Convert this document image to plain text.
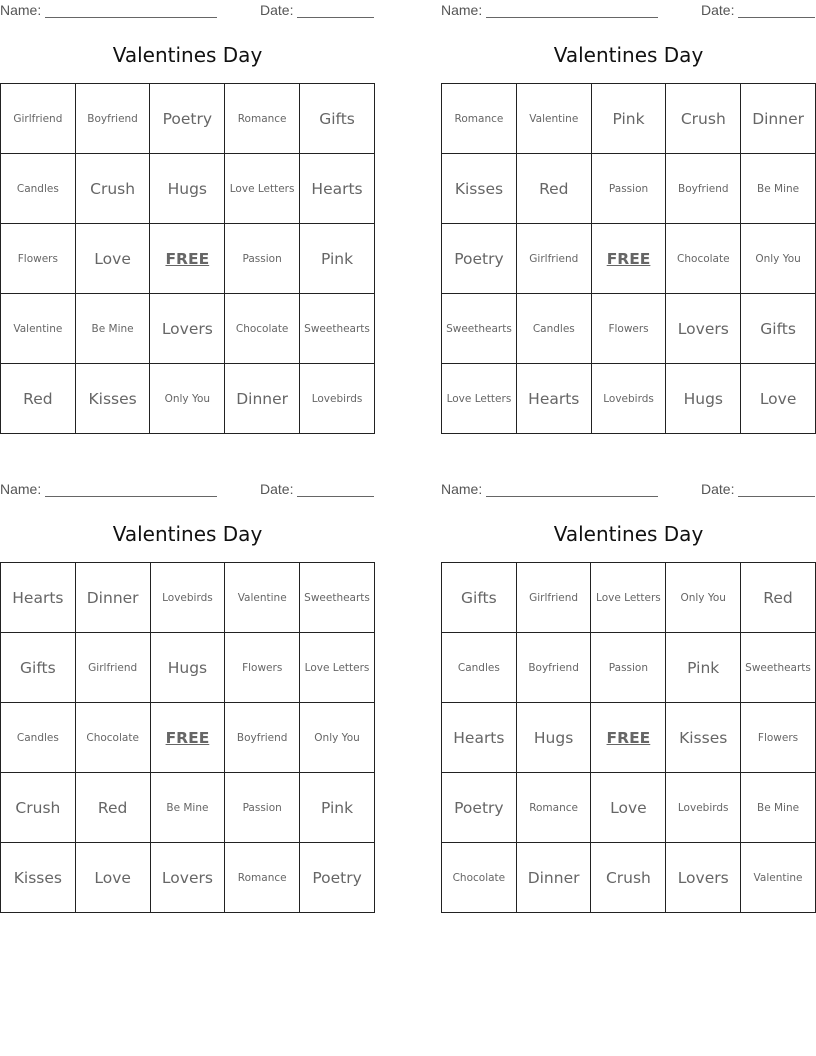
Name:	Date:
Valentines Day
Girlfriend	Boyfriend	Poetry	Romance	Gifts
Candles	Crush	Hugs	Love Letters	Hearts
Flowers	Love	FREE	Passion	Pink
Valentine	Be Mine	Lovers	Chocolate	Sweethearts
Red	Kisses	Only You	Dinner	Lovebirds
Name:	Date:
Valentines Day
Romance	Valentine	Pink	Crush	Dinner
Kisses	Red	Passion	Boyfriend	Be Mine
Poetry	Girlfriend	FREE	Chocolate	Only You
Sweethearts	Candles	Flowers	Lovers	Gifts
Love Letters	Hearts	Lovebirds	Hugs	Love
Name:	Date:
Valentines Day
Hearts	Dinner	Lovebirds	Valentine	Sweethearts
Gifts	Girlfriend	Hugs	Flowers	Love Letters
Candles	Chocolate	FREE	Boyfriend	Only You
Crush	Red	Be Mine	Passion	Pink
Kisses	Love	Lovers	Romance	Poetry
Name:	Date:
Valentines Day
Gifts	Girlfriend	Love Letters	Only You	Red
Candles	Boyfriend	Passion	Pink	Sweethearts
Hearts	Hugs	FREE	Kisses	Flowers
Poetry	Romance	Love	Lovebirds	Be Mine
Chocolate	Dinner	Crush	Lovers	Valentine
